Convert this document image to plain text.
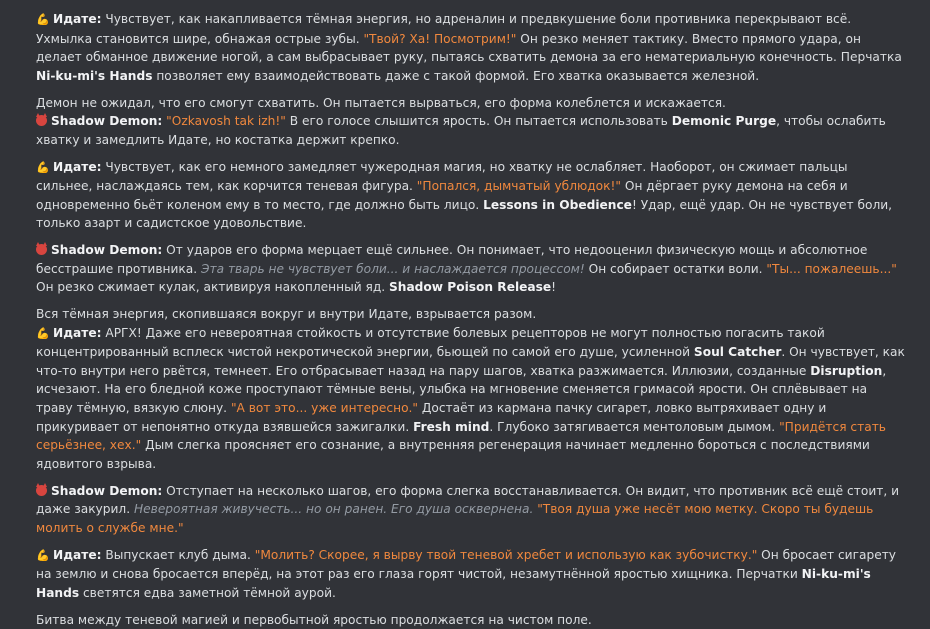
💪 Идате: Чувствует, как накапливается тёмная энергия, но адреналин и предвкушение боли противника перекрывают всё. Ухмылка становится шире, обнажая острые зубы. "Твой? Ха! Посмотрим!" Он резко меняет тактику. Вместо прямого удара, он делает обманное движение ногой, а сам выбрасывает руку, пытаясь схватить демона за его нематериальную конечность. Перчатка Ni-ku-mi's Hands позволяет ему взаимодействовать даже с такой формой. Его хватка оказывается железной.
Демон не ожидал, что его смогут схватить. Он пытается вырваться, его форма колеблется и искажается.
Shadow Demon: "Ozkavosh tak izh!" В его голосе слышится ярость. Он пытается использовать Demonic Purge, чтобы ослабить хватку и замедлить Идате, но костатка держит крепко.
💪 Идате: Чувствует, как его немного замедляет чужеродная магия, но хватку не ослабляет. Наоборот, он сжимает пальцы сильнее, наслаждаясь тем, как корчится теневая фигура. "Попался, дымчатый ублюдок!" Он дёргает руку демона на себя и одновременно бьёт коленом ему в то место, где должно быть лицо. Lessons in Obedience! Удар, ещё удар. Он не чувствует боли, только азарт и садистское удовольствие.
Shadow Demon: От ударов его форма мерцает ещё сильнее. Он понимает, что недооценил физическую мощь и абсолютное бесстрашие противника. Эта тварь не чувствует боли... и наслаждается процессом! Он собирает остатки воли. "Ты... пожалеешь..." Он резко сжимает кулак, активируя накопленный яд. Shadow Poison Release!
Вся тёмная энергия, скопившаяся вокруг и внутри Идате, взрывается разом.
💪 Идате: АРГХ! Даже его невероятная стойкость и отсутствие болевых рецепторов не могут полностью погасить такой концентрированный всплеск чистой некротической энергии, бьющей по самой его душе, усиленной Soul Catcher. Он чувствует, как что-то внутри него рвётся, темнеет. Его отбрасывает назад на пару шагов, хватка разжимается. Иллюзии, созданные Disruption, исчезают. На его бледной коже проступают тёмные вены, улыбка на мгновение сменяется гримасой ярости. Он сплёвывает на траву тёмную, вязкую слюну. "А вот это... уже интересно." Достаёт из кармана пачку сигарет, ловко вытряхивает одну и прикуривает от непонятно откуда взявшейся зажигалки. Fresh mind. Глубоко затягивается ментоловым дымом. "Придётся стать серьёзнее, хех." Дым слегка проясняет его сознание, а внутренняя регенерация начинает медленно бороться с последствиями ядовитого взрыва.
Shadow Demon: Отступает на несколько шагов, его форма слегка восстанавливается. Он видит, что противник всё ещё стоит, и даже закурил. Невероятная живучесть... но он ранен. Его душа осквернена. "Твоя душа уже несёт мою метку. Скоро ты будешь молить о службе мне."
💪 Идате: Выпускает клуб дыма. "Молить? Скорее, я вырву твой теневой хребет и использую как зубочистку." Он бросает сигарету на землю и снова бросается вперёд, на этот раз его глаза горят чистой, незамутнённой яростью хищника. Перчатки Ni-ku-mi's Hands светятся едва заметной тёмной аурой.
Битва между теневой магией и первобытной яростью продолжается на чистом поле.
